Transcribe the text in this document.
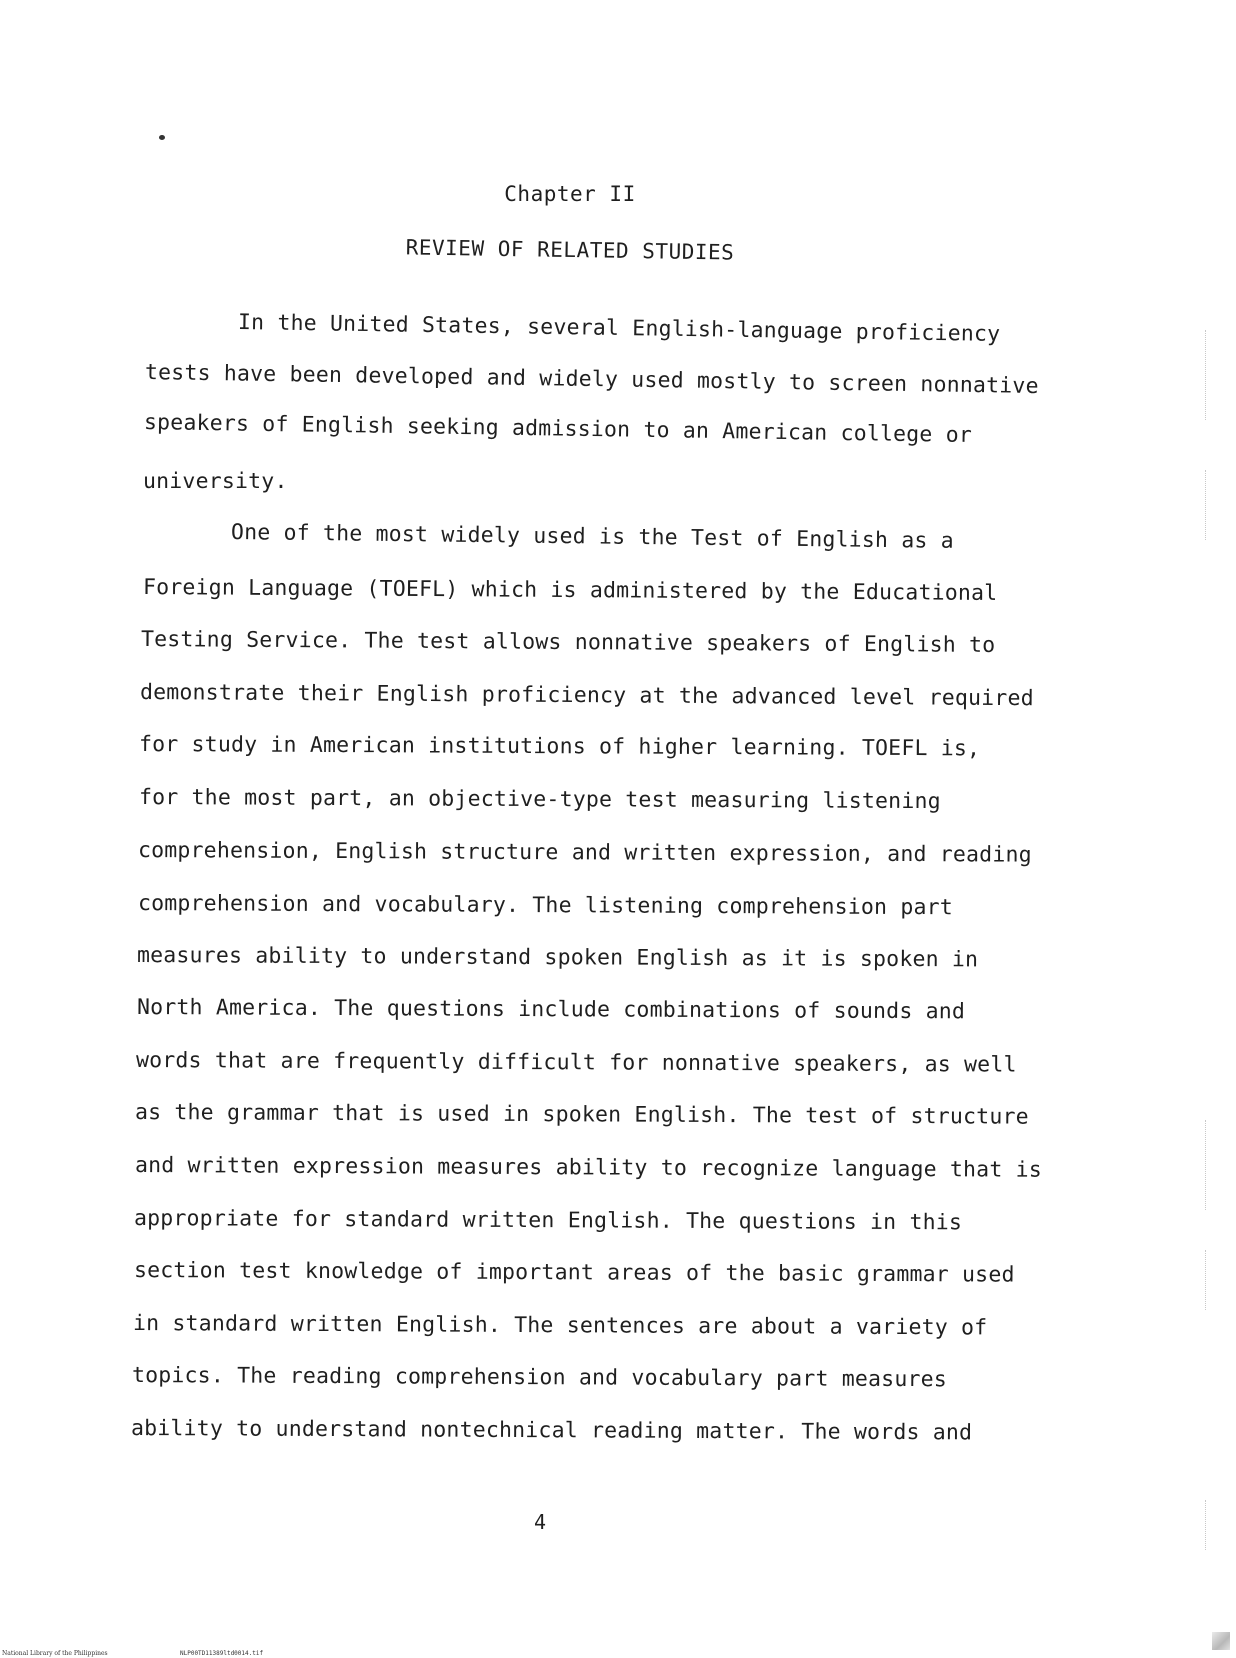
Chapter II
REVIEW OF RELATED STUDIES
In the United States, several English-language proficiency
tests have been developed and widely used mostly to screen nonnative
speakers of English seeking admission to an American college or
university.
One of the most widely used is the Test of English as a
Foreign Language (TOEFL) which is administered by the Educational
Testing Service. The test allows nonnative speakers of English to
demonstrate their English proficiency at the advanced level required
for study in American institutions of higher learning. TOEFL is,
for the most part, an objective-type test measuring listening
comprehension, English structure and written expression, and reading
comprehension and vocabulary. The listening comprehension part
measures ability to understand spoken English as it is spoken in
North America. The questions include combinations of sounds and
words that are frequently difficult for nonnative speakers, as well
as the grammar that is used in spoken English. The test of structure
and written expression measures ability to recognize language that is
appropriate for standard written English. The questions in this
section test knowledge of important areas of the basic grammar used
in standard written English. The sentences are about a variety of
topics. The reading comprehension and vocabulary part measures
ability to understand nontechnical reading matter. The words and
4
National Library of the Philippines	NLP00TD11389ltd0014.tif
